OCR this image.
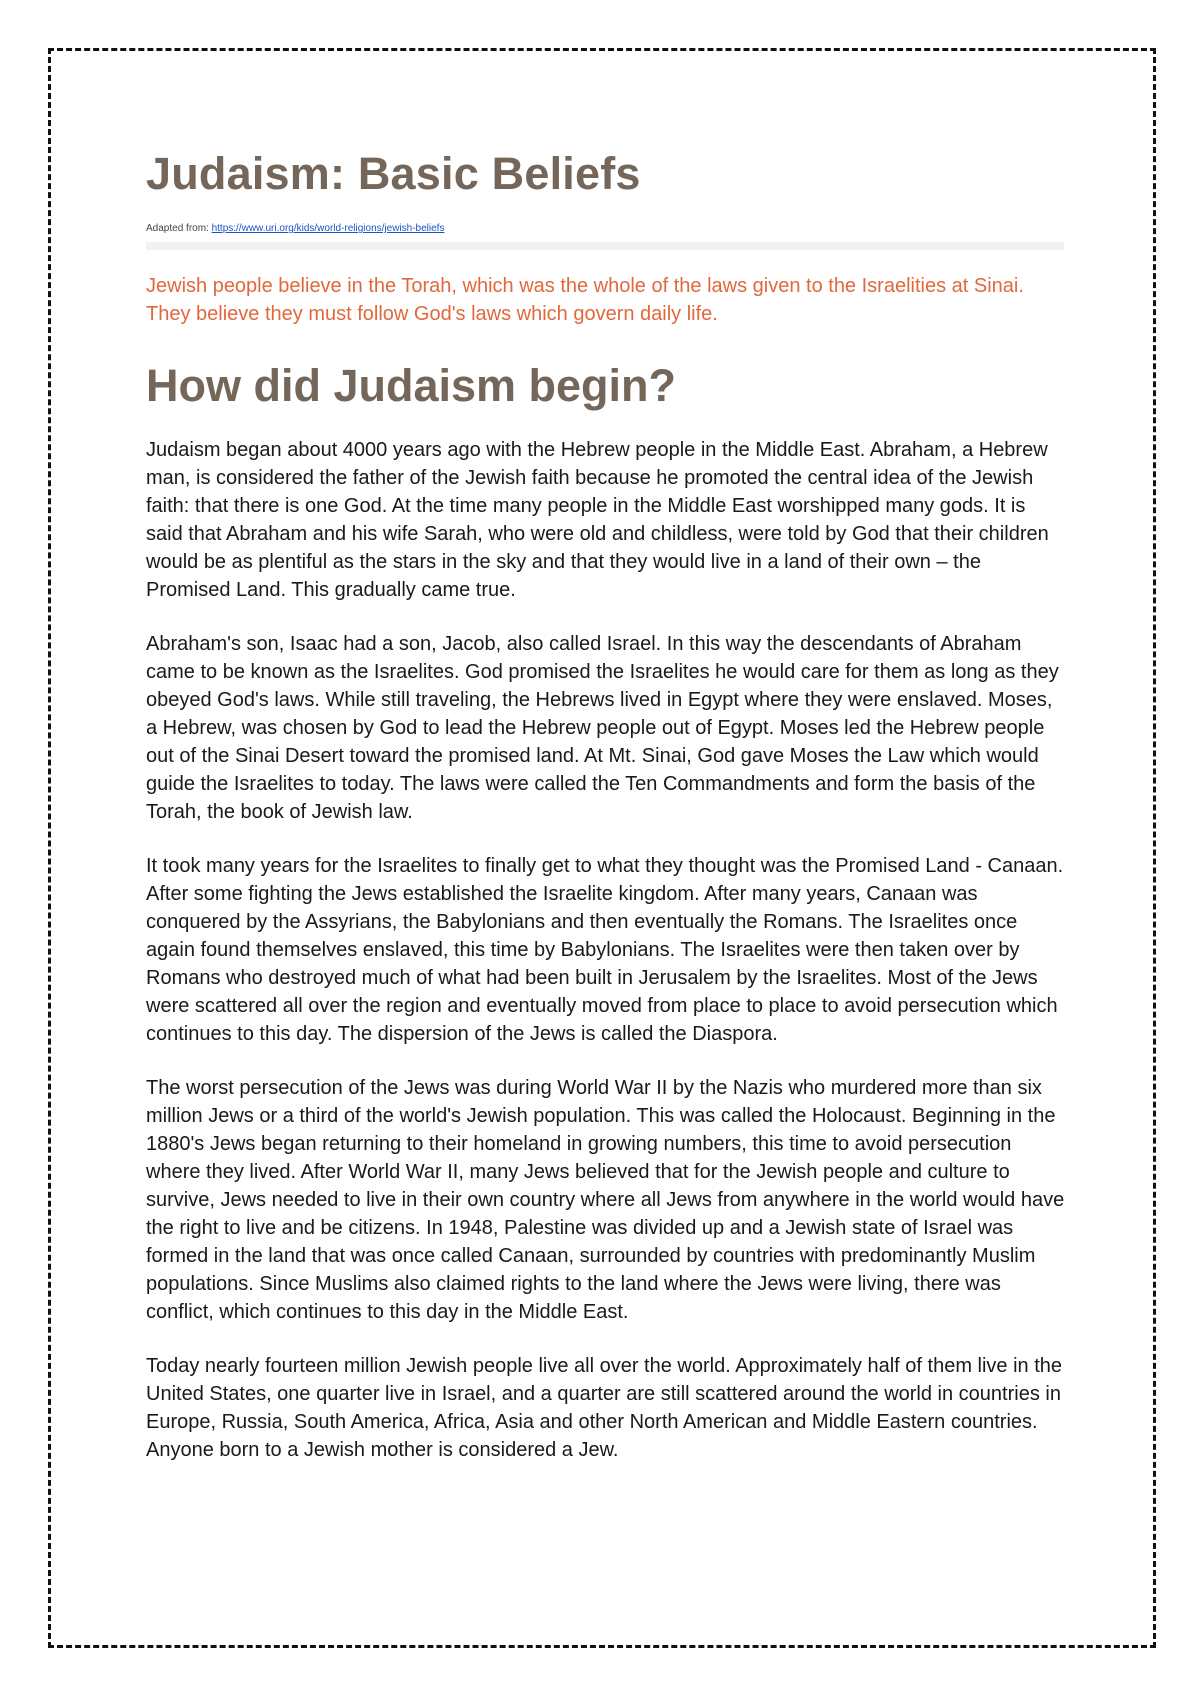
Judaism: Basic Beliefs
Adapted from: https://www.uri.org/kids/world-religions/jewish-beliefs

Jewish people believe in the Torah, which was the whole of the laws given to the Israelities at Sinai. They believe they must follow God's laws which govern daily life.

How did Judaism begin?

Judaism began about 4000 years ago with the Hebrew people in the Middle East. Abraham, a Hebrew man, is considered the father of the Jewish faith because he promoted the central idea of the Jewish faith: that there is one God. At the time many people in the Middle East worshipped many gods. It is said that Abraham and his wife Sarah, who were old and childless, were told by God that their children would be as plentiful as the stars in the sky and that they would live in a land of their own – the Promised Land. This gradually came true.

Abraham's son, Isaac had a son, Jacob, also called Israel. In this way the descendants of Abraham came to be known as the Israelites. God promised the Israelites he would care for them as long as they obeyed God's laws. While still traveling, the Hebrews lived in Egypt where they were enslaved. Moses, a Hebrew, was chosen by God to lead the Hebrew people out of Egypt. Moses led the Hebrew people out of the Sinai Desert toward the promised land. At Mt. Sinai, God gave Moses the Law which would guide the Israelites to today. The laws were called the Ten Commandments and form the basis of the Torah, the book of Jewish law.

It took many years for the Israelites to finally get to what they thought was the Promised Land - Canaan. After some fighting the Jews established the Israelite kingdom. After many years, Canaan was conquered by the Assyrians, the Babylonians and then eventually the Romans. The Israelites once again found themselves enslaved, this time by Babylonians. The Israelites were then taken over by Romans who destroyed much of what had been built in Jerusalem by the Israelites. Most of the Jews were scattered all over the region and eventually moved from place to place to avoid persecution which continues to this day. The dispersion of the Jews is called the Diaspora.

The worst persecution of the Jews was during World War II by the Nazis who murdered more than six million Jews or a third of the world's Jewish population. This was called the Holocaust. Beginning in the 1880's Jews began returning to their homeland in growing numbers, this time to avoid persecution where they lived. After World War II, many Jews believed that for the Jewish people and culture to survive, Jews needed to live in their own country where all Jews from anywhere in the world would have the right to live and be citizens. In 1948, Palestine was divided up and a Jewish state of Israel was formed in the land that was once called Canaan, surrounded by countries with predominantly Muslim populations. Since Muslims also claimed rights to the land where the Jews were living, there was conflict, which continues to this day in the Middle East.

Today nearly fourteen million Jewish people live all over the world. Approximately half of them live in the United States, one quarter live in Israel, and a quarter are still scattered around the world in countries in Europe, Russia, South America, Africa, Asia and other North American and Middle Eastern countries. Anyone born to a Jewish mother is considered a Jew.
